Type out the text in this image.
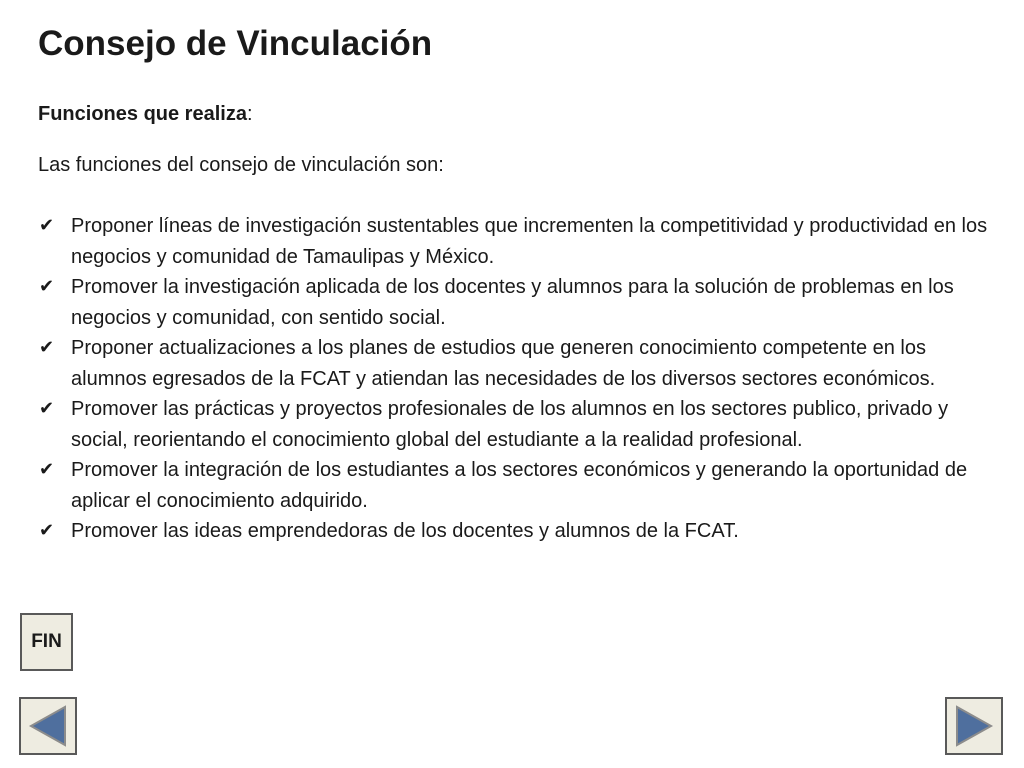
Consejo de Vinculación
Funciones que realiza:
Las funciones del consejo de vinculación son:
✔ Proponer líneas de investigación sustentables que incrementen la competitividad y productividad en los negocios y comunidad de Tamaulipas y México.
✔ Promover la investigación aplicada de los docentes y alumnos para la solución de problemas en los negocios y comunidad, con sentido social.
✔ Proponer actualizaciones a los planes de estudios que generen conocimiento competente en los alumnos egresados de la FCAT y atiendan las necesidades de los diversos sectores económicos.
✔ Promover las prácticas y proyectos profesionales de los alumnos en los sectores publico, privado y social, reorientando el conocimiento global del estudiante a la realidad profesional.
✔ Promover la integración de los estudiantes a los sectores económicos y generando la oportunidad de aplicar el conocimiento adquirido.
✔ Promover las ideas emprendedoras de los docentes y alumnos de la FCAT.
FIN
